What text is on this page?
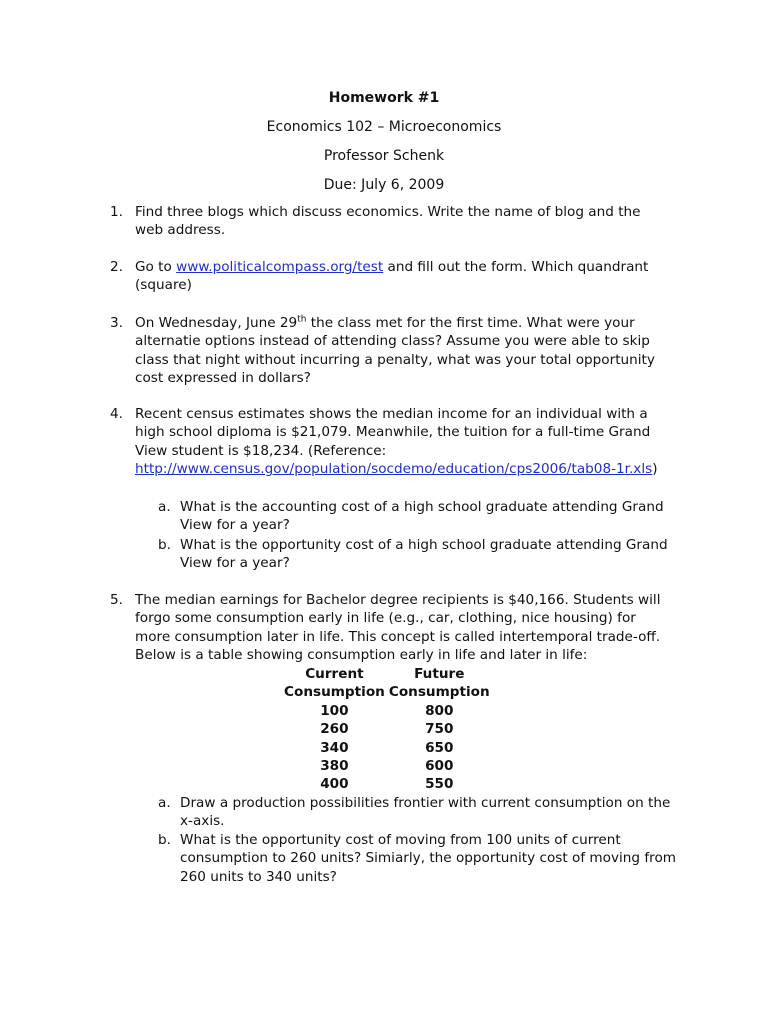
Homework #1
Economics 102 – Microeconomics
Professor Schenk
Due: July 6, 2009
1. Find three blogs which discuss economics. Write the name of blog and the web address.
2. Go to www.politicalcompass.org/test and fill out the form. Which quandrant (square)
3. On Wednesday, June 29th the class met for the first time. What were your alternatie options instead of attending class? Assume you were able to skip class that night without incurring a penalty, what was your total opportunity cost expressed in dollars?
4. Recent census estimates shows the median income for an individual with a high school diploma is $21,079. Meanwhile, the tuition for a full-time Grand View student is $18,234. (Reference: http://www.census.gov/population/socdemo/education/cps2006/tab08-1r.xls)
a. What is the accounting cost of a high school graduate attending Grand View for a year?
b. What is the opportunity cost of a high school graduate attending Grand View for a year?
5. The median earnings for Bachelor degree recipients is $40,166. Students will forgo some consumption early in life (e.g., car, clothing, nice housing) for more consumption later in life. This concept is called intertemporal trade-off. Below is a table showing consumption early in life and later in life:
Current	Future
Consumption	Consumption
100	800
260	750
340	650
380	600
400	550
a. Draw a production possibilities frontier with current consumption on the x-axis.
b. What is the opportunity cost of moving from 100 units of current consumption to 260 units? Simiarly, the opportunity cost of moving from 260 units to 340 units?
